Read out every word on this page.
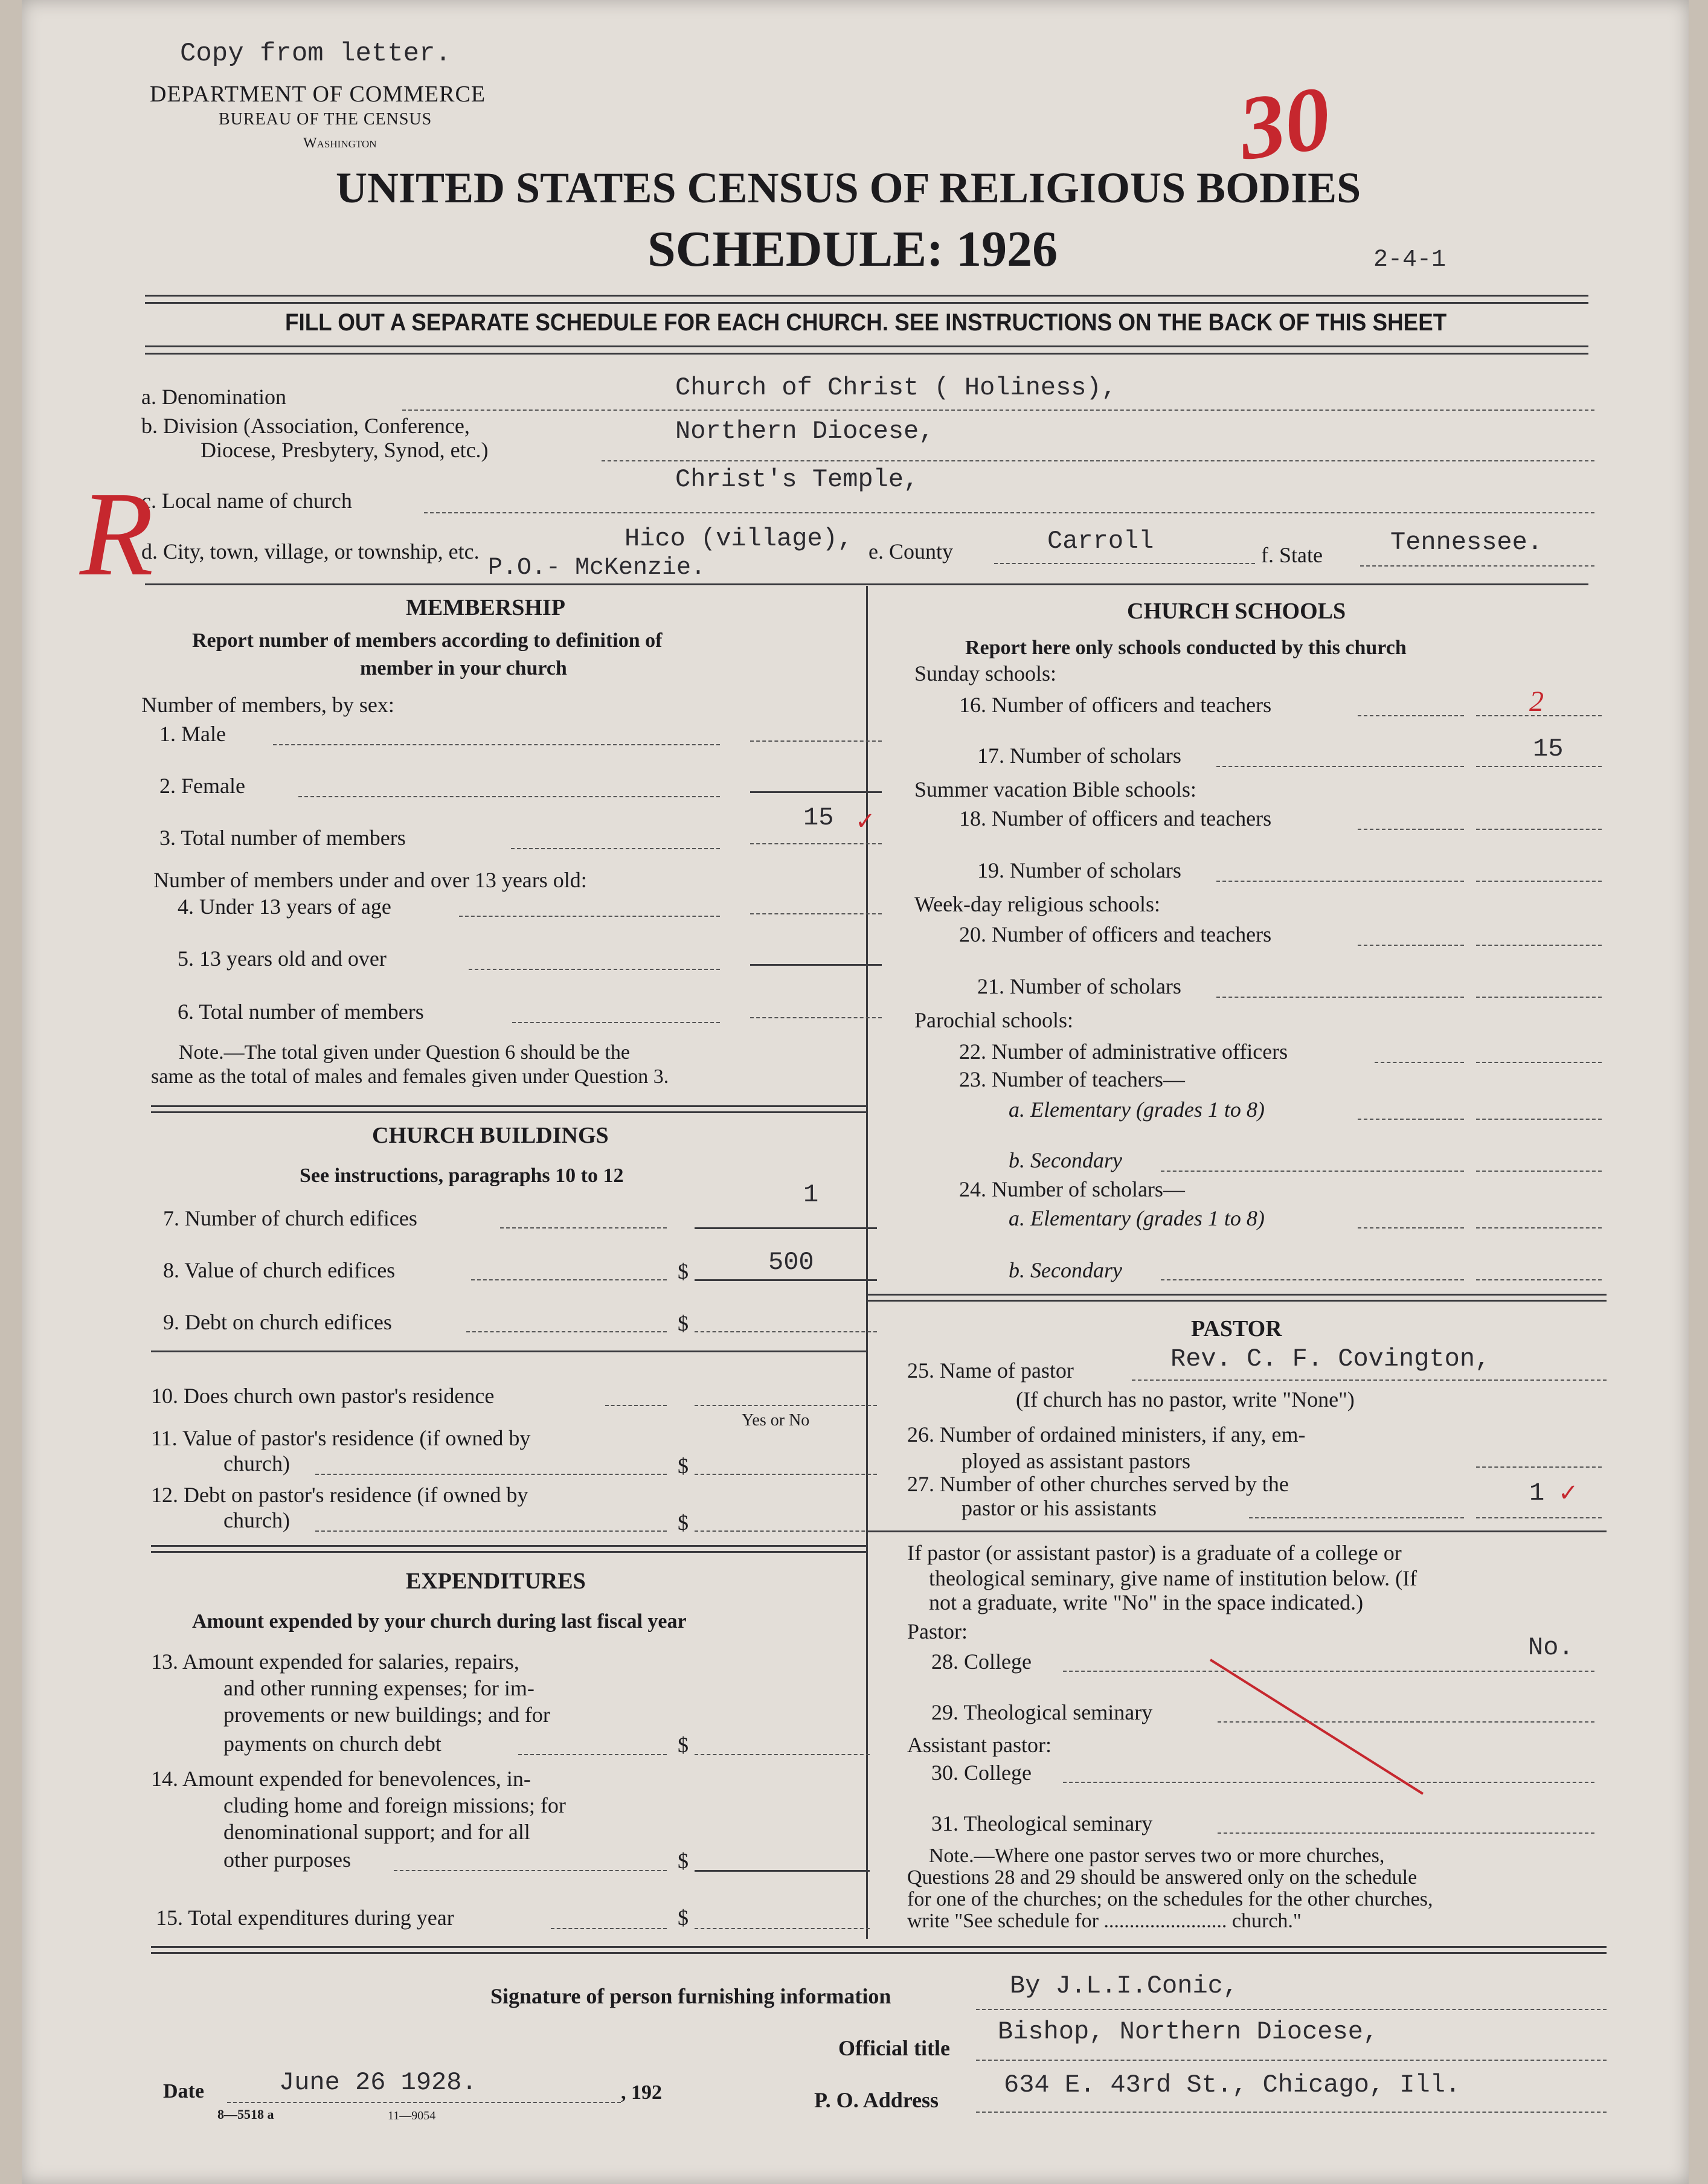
Copy from letter.
DEPARTMENT OF COMMERCE
BUREAU OF THE CENSUS
Washington	30
UNITED STATES CENSUS OF RELIGIOUS BODIES
SCHEDULE: 1926	2-4-1
FILL OUT A SEPARATE SCHEDULE FOR EACH CHURCH. SEE INSTRUCTIONS ON THE BACK OF THIS SHEET
a. Denomination	Church of Christ ( Holiness),
b. Division (Association, Conference,
Diocese, Presbytery, Synod, etc.)
Northern Diocese,
c. Local name of church
Christ's Temple,
R
d. City, town, village, or township, etc.	Hico (village),
P.O.- McKenzie.
e. County	Carroll	f. State	Tennessee.
MEMBERSHIP
Report number of members according to definition of
member in your church
Number of members, by sex:
1. Male
2. Female
3. Total number of members
15 ✓
Number of members under and over 13 years old:
4. Under 13 years of age
5. 13 years old and over
6. Total number of members
Note.—The total given under Question 6 should be the
same as the total of males and females given under Question 3.
CHURCH BUILDINGS
See instructions, paragraphs 10 to 12
7. Number of church edifices
1
8. Value of church edifices	$	500
9. Debt on church edifices	$
10. Does church own pastor's residence
Yes or No
11. Value of pastor's residence (if owned by
church)	$
12. Debt on pastor's residence (if owned by
church)	$
EXPENDITURES
Amount expended by your church during last fiscal year
13. Amount expended for salaries, repairs,
and other running expenses; for im-
provements or new buildings; and for
payments on church debt	$
14. Amount expended for benevolences, in-
cluding home and foreign missions; for
denominational support; and for all
other purposes	$
15. Total expenditures during year	$
CHURCH SCHOOLS
Report here only schools conducted by this church
Sunday schools:
16. Number of officers and teachers	2
17. Number of scholars	15
Summer vacation Bible schools:
18. Number of officers and teachers
19. Number of scholars
Week-day religious schools:
20. Number of officers and teachers
21. Number of scholars
Parochial schools:
22. Number of administrative officers
23. Number of teachers—
a. Elementary (grades 1 to 8)
b. Secondary
24. Number of scholars—
a. Elementary (grades 1 to 8)
b. Secondary
PASTOR
25. Name of pastor	Rev. C. F. Covington,
(If church has no pastor, write "None")
26. Number of ordained ministers, if any, em-
ployed as assistant pastors
27. Number of other churches served by the
pastor or his assistants
1 ✓
If pastor (or assistant pastor) is a graduate of a college or
theological seminary, give name of institution below. (If
not a graduate, write "No" in the space indicated.)
Pastor:
28. College	No.
29. Theological seminary
Assistant pastor:
30. College
31. Theological seminary
Note.—Where one pastor serves two or more churches,
Questions 28 and 29 should be answered only on the schedule
for one of the churches; on the schedules for the other churches,
write "See schedule for ........................ church."
Signature of person furnishing information	By J.L.I.Conic,
Official title
Bishop, Northern Diocese,
Date	June 26 1928.	, 192	P. O. Address
634 E. 43rd St., Chicago, Ill.
8—5518 a	11—9054
